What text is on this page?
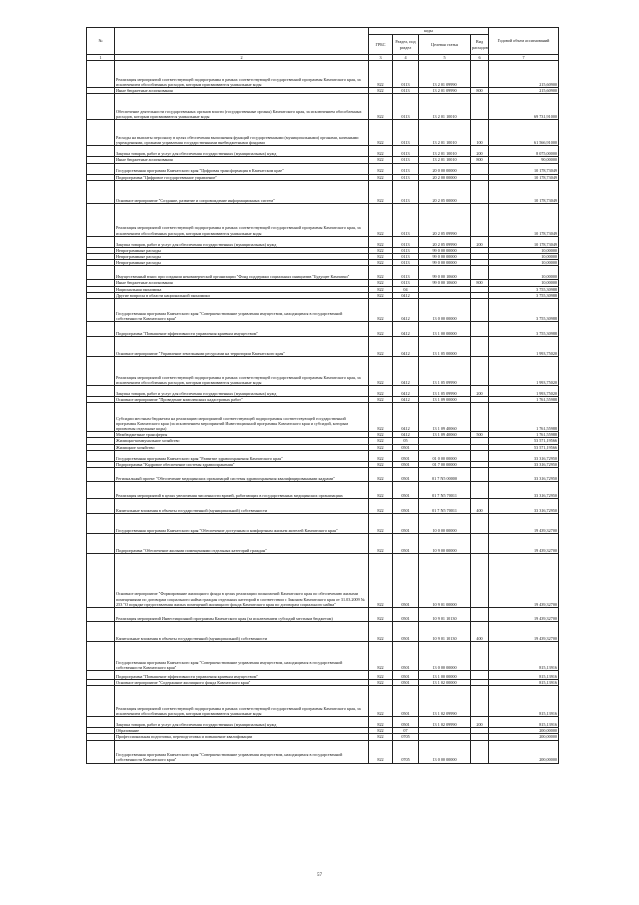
№		коды				Годовой объем ассигнований
		ГРБС	Раздел, под раздел	Целевая статья	Вид расходов	
1	2	3	4	5	6	7
	Реализация мероприятий соответствующей подпрограммы в рамках соответствующей государственной программы Камчатского края, за исключением обособленных расходов, которым присваиваются уникальные коды	822	0113	13 2 01 09990		215,60900
	Иные бюджетные ассигнования	822	0113	13 2 01 09990	800	215,60900
	Обеспечение деятельности государственных органов власти (государственные органы) Камчатского края, за исключением обособленных расходов, которым присваиваются уникальные коды	822	0113	13 2 01 10010		69 731,91000
	Расходы на выплаты персоналу в целях обеспечения выполнения функций государственными (муниципальными) органами, казенными учреждениями, органами управления государственными внебюджетными фондами	822	0113	13 2 01 10010	100	61 566,91000
	Закупка товаров, работ и услуг для обеспечения государственных (муниципальных) нужд	822	0113	13 2 01 10010	200	8 075,00000
	Иные бюджетные ассигнования	822	0113	13 2 01 10010	800	90,00000
	Государственная программа Камчатского края "Цифровая трансформация в Камчатском крае"	822	0113	20 0 00 00000		10 178,73049
	Подпрограмма "Цифровое государственное управление"	822	0113	20 2 00 00000		10 178,73049
	Основное мероприятие "Создание, развитие и сопровождение информационных систем"	822	0113	20 2 05 00000		10 178,73049
	Реализация мероприятий соответствующей подпрограммы в рамках соответствующей государственной программы Камчатского края, за исключением обособленных расходов, которым присваиваются уникальные коды	822	0113	20 2 05 09990		10 178,73049
	Закупка товаров, работ и услуг для обеспечения государственных (муниципальных) нужд	822	0113	20 2 05 09990	200	10 178,73049
	Непрограммные расходы	822	0113	99 0 00 00000		10,00000
	Непрограммные расходы	822	0113	99 0 00 00000		10,00000
	Непрограммные расходы	822	0113	99 0 00 00000		10,00000
	Имущественный взнос при создании некоммерческой организации "Фонд поддержки социальных инициатив "Будущее Камчатки"	822	0113	99 0 00 10600		10,00000
	Иные бюджетные ассигнования	822	0113	99 0 00 10600	800	10,00000
	Национальная экономика	822	04			3 755,30988
	Другие вопросы в области национальной экономики	822	0412			3 755,30988
	Государственная программа Камчатского края "Совершенствование управления имуществом, находящимся в государственной собственности Камчатского края"	822	0412	13 0 00 00000		3 755,30988
	Подпрограмма "Повышение эффективности управления краевым имуществом"	822	0412	13 1 00 00000		3 755,30988
	Основное мероприятие "Управление земельными ресурсами на территории Камчатского края"	822	0412	13 1 05 00000		1 993,75020
	Реализация мероприятий соответствующей подпрограммы в рамках соответствующей государственной программы Камчатского края, за исключением обособленных расходов, которым присваиваются уникальные коды	822	0412	13 1 05 09990		1 993,75020
	Закупка товаров, работ и услуг для обеспечения государственных (муниципальных) нужд	822	0412	13 1 05 09990	200	1 993,75020
	Основное мероприятие "Проведение комплексных кадастровых работ"	822	0412	13 1 09 00000		1 761,55988
	Субсидии местным бюджетам на реализацию мероприятий соответствующей подпрограммы соответствующей государственной программы Камчатского края (за исключением мероприятий Инвестиционной программы Камчатского края и субсидий, которым присвоены отдельные коды)	822	0412	13 1 09 40060		1 761,55988
	Межбюджетные трансферты	822	0412	13 1 09 40060	500	1 761,55988
	Жилищно-коммунальное хозяйство	822	05			53 571,19566
	Жилищное хозяйство	822	0501			53 571,19566
	Государственная программа Камчатского края "Развитие здравоохранения Камчатского края"	822	0501	01 0 00 00000		33 316,72950
	Подпрограмма "Кадровое обеспечение системы здравоохранения"	822	0501	01 7 00 00000		33 316,72950
	Региональный проект "Обеспечение медицинских организаций системы здравоохранения квалифицированными кадрами"	822	0501	01 7 N5 00000		33 316,72950
	Реализация мероприятий в целях увеличения численности врачей, работающих в государственных медицинских организациях	822	0501	01 7 N5 70011		33 316,72950
	Капитальные вложения в объекты государственной (муниципальной) собственности	822	0501	01 7 N5 70011	400	33 316,72950
	Государственная программа Камчатского края "Обеспечение доступным и комфортным жильем жителей Камчатского края"	822	0501	10 0 00 00000		19 439,32700
	Подпрограмма "Обеспечение жилыми помещениями отдельных категорий граждан"	822	0501	10 9 00 00000		19 439,32700
	Основное мероприятие "Формирование жилищного фонда в целях реализации полномочий Камчатского края по обеспечению жилыми помещениями по договорам социального найма граждан отдельных категорий в соответствии с Законом Камчатского края от 31.03.2009 № 253 "О порядке предоставления жилых помещений жилищного фонда Камчатского края по договорам социального найма"	822	0501	10 9 01 00000		19 439,32700
	Реализация мероприятий Инвестиционной программы Камчатского края (за исключением субсидий местным бюджетам)	822	0501	10 9 01 10130		19 439,32700
	Капитальные вложения в объекты государственной (муниципальной) собственности	822	0501	10 9 01 10130	400	19 439,32700
	Государственная программа Камчатского края "Совершенствование управления имуществом, находящимся в государственной собственности Камчатского края"	822	0501	13 0 00 00000		815,13916
	Подпрограмма "Повышение эффективности управления краевым имуществом"	822	0501	13 1 00 00000		815,13916
	Основное мероприятие "Содержание жилищного фонда Камчатского края"	822	0501	13 1 02 00000		815,13916
	Реализация мероприятий соответствующей подпрограммы в рамках соответствующей государственной программы Камчатского края, за исключением обособленных расходов, которым присваиваются уникальные коды	822	0501	13 1 02 09990		815,13916
	Закупка товаров, работ и услуг для обеспечения государственных (муниципальных) нужд	822	0501	13 1 02 09990	200	815,13916
	Образование	822	07			200,00000
	Профессиональная подготовка, переподготовка и повышение квалификации	822	0705			200,00000
	Государственная программа Камчатского края "Совершенствование управления имуществом, находящимся в государственной собственности Камчатского края"	822	0705	13 0 00 00000		200,00000
57
